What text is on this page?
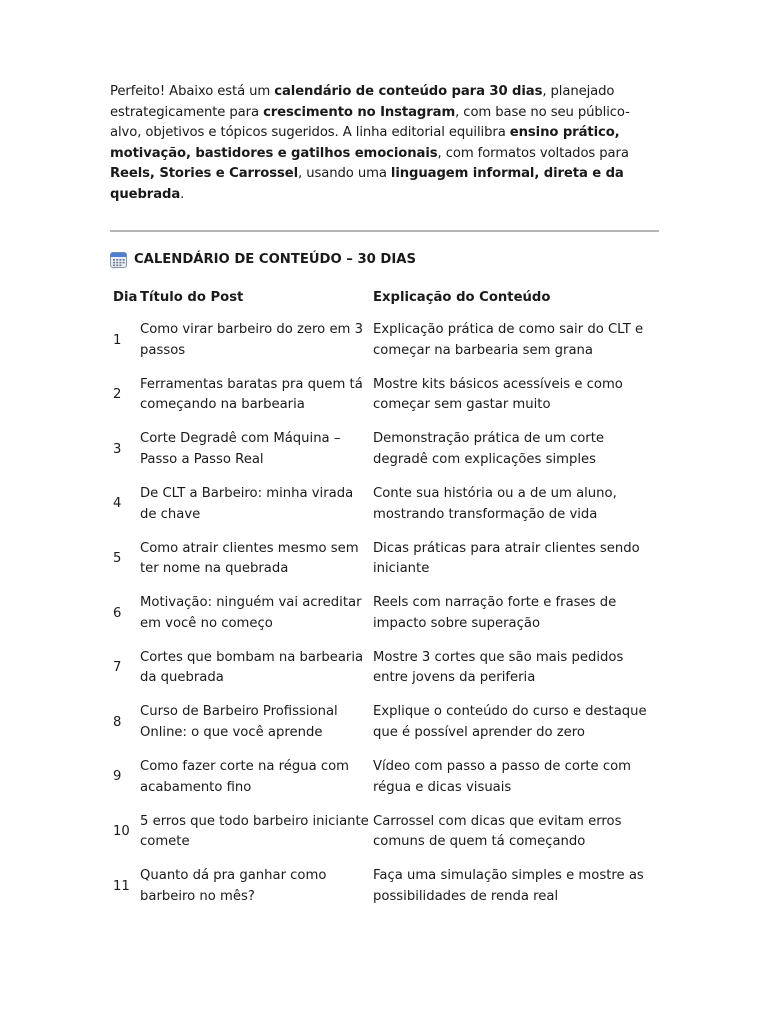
Perfeito! Abaixo está um calendário de conteúdo para 30 dias, planejado estrategicamente para crescimento no Instagram, com base no seu público-alvo, objetivos e tópicos sugeridos. A linha editorial equilibra ensino prático, motivação, bastidores e gatilhos emocionais, com formatos voltados para Reels, Stories e Carrossel, usando uma linguagem informal, direta e da quebrada.

CALENDÁRIO DE CONTEÚDO – 30 DIAS
Dia	Título do Post	Explicação do Conteúdo
1	Como virar barbeiro do zero em 3 passos	Explicação prática de como sair do CLT e começar na barbearia sem grana
2	Ferramentas baratas pra quem tá começando na barbearia	Mostre kits básicos acessíveis e como começar sem gastar muito
3	Corte Degradê com Máquina – Passo a Passo Real	Demonstração prática de um corte degradê com explicações simples
4	De CLT a Barbeiro: minha virada de chave	Conte sua história ou a de um aluno, mostrando transformação de vida
5	Como atrair clientes mesmo sem ter nome na quebrada	Dicas práticas para atrair clientes sendo iniciante
6	Motivação: ninguém vai acreditar em você no começo	Reels com narração forte e frases de impacto sobre superação
7	Cortes que bombam na barbearia da quebrada	Mostre 3 cortes que são mais pedidos entre jovens da periferia
8	Curso de Barbeiro Profissional Online: o que você aprende	Explique o conteúdo do curso e destaque que é possível aprender do zero
9	Como fazer corte na régua com acabamento fino	Vídeo com passo a passo de corte com régua e dicas visuais
10	5 erros que todo barbeiro iniciante comete	Carrossel com dicas que evitam erros comuns de quem tá começando
11	Quanto dá pra ganhar como barbeiro no mês?	Faça uma simulação simples e mostre as possibilidades de renda real
